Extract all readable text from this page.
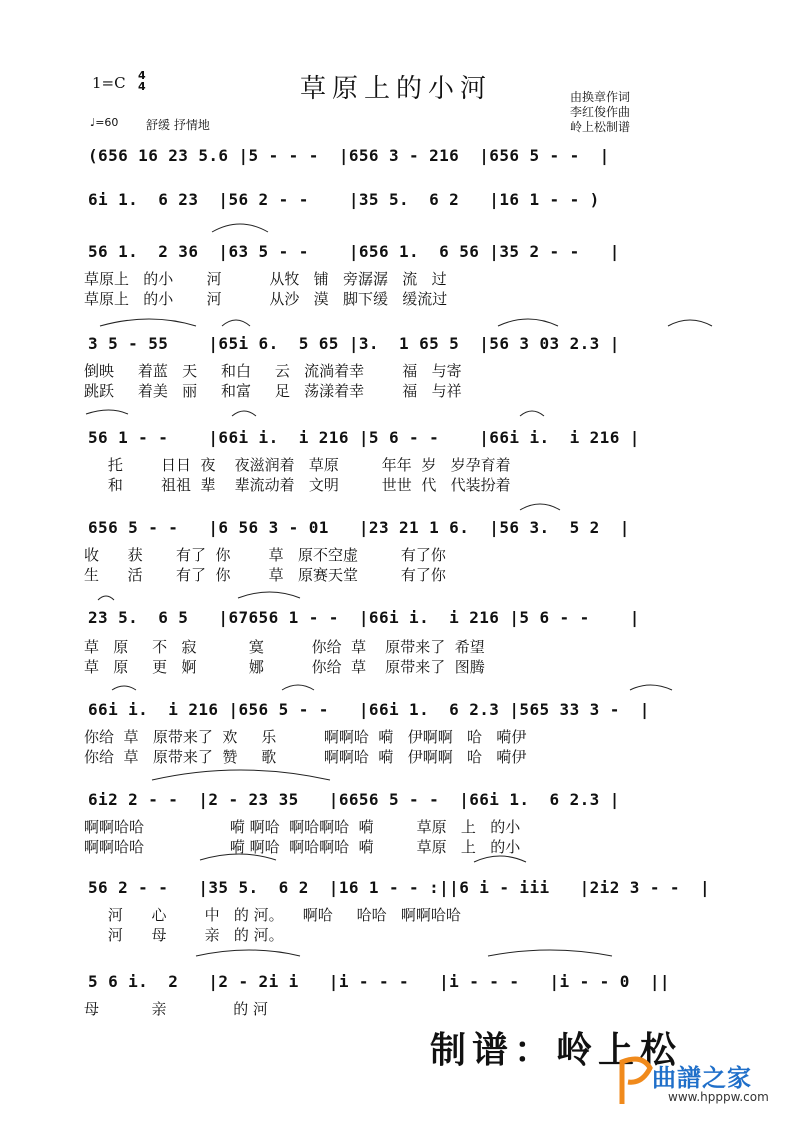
1=C 4
4	草原上的小河	由换章作词
李红俊作曲
岭上松制谱
♩=60 舒缓 抒情地
(656 16 23 5.6 |5 - - -  |656 3 - 216  |656 5 - -  |
6i 1.  6 23  |56 2 - -    |35 5.  6 2   |16 1 - - )
56 1.  2 36  |63 5 - -    |656 1.  6 56 |35 2 - -   |
草原上   的小       河          从牧   铺   旁潺潺   流   过
草原上   的小       河          从沙   漠   脚下缓   缓流过
3 5 - 55    |65i 6.  5 65 |3.  1 65 5  |56 3 03 2.3 |
倒映     着蓝   天     和白     云   流淌着幸        福   与寄
跳跃     着美   丽     和富     足   荡漾着幸        福   与祥
56 1 - -    |66i i.  i 216 |5 6 - -    |66i i.  i 216 |
托        日日  夜    夜滋润着   草原         年年  岁   岁孕育着
和        祖祖  辈    辈流动着   文明         世世  代   代装扮着
656 5 - -   |6 56 3 - 01   |23 21 1 6.  |56 3.  5 2  |
收      获       有了  你        草   原不空虚         有了你
生      活       有了  你        草   原赛天堂         有了你
23 5.  6 5   |67656 1 - -  |66i i.  i 216 |5 6 - -    |
草   原     不   寂           寞          你给  草    原带来了  希望
草   原     更   婀           娜          你给  草    原带来了  图腾
66i i.  i 216 |656 5 - -   |66i 1.  6 2.3 |565 33 3 -  |
你给  草   原带来了  欢     乐          啊啊哈  嗬   伊啊啊   哈   嗬伊
你给  草   原带来了  赞     歌          啊啊哈  嗬   伊啊啊   哈   嗬伊
6i2 2 - -  |2 - 23 35   |6656 5 - -  |66i 1.  6 2.3 |
啊啊哈哈                  嗬 啊哈  啊哈啊哈  嗬         草原   上   的小
啊啊哈哈                  嗬 啊哈  啊哈啊哈  嗬         草原   上   的小
56 2 - -   |35 5.  6 2  |16 1 - - :||6 i - iii   |2i2 3 - -  |
河      心        中   的 河。    啊哈     哈哈   啊啊哈哈
河      母        亲   的 河。
5 6 i.  2   |2 - 2i i   |i - - -   |i - - -   |i - - 0  ||
母           亲              的 河
制谱：岭上松
曲譜之家
www.hpppw.com
